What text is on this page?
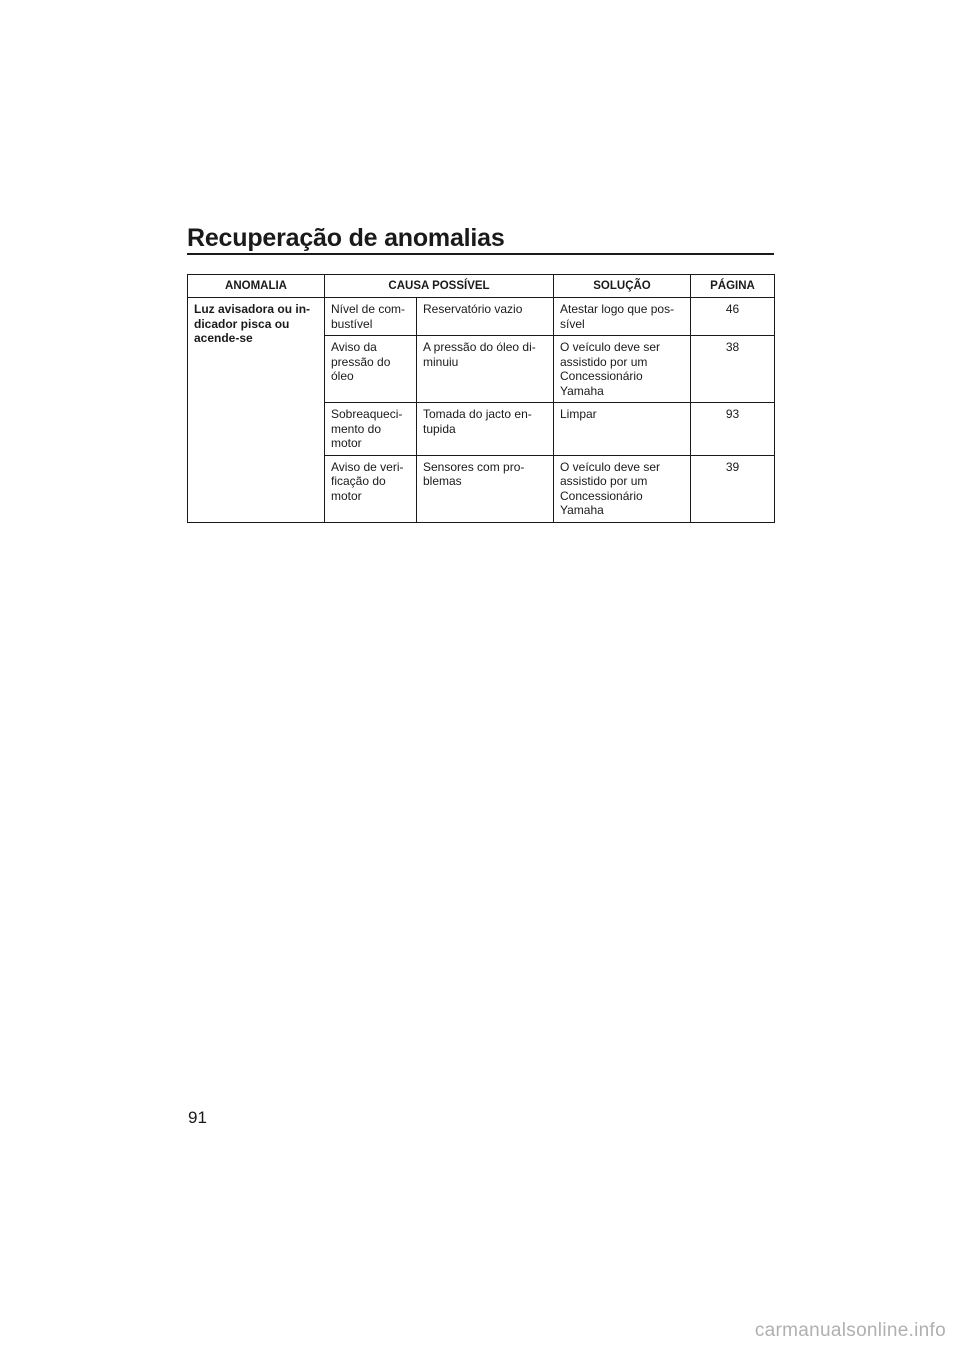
Recuperação de anomalias
ANOMALIA	CAUSA POSSÍVEL		SOLUÇÃO	PÁGINA
Luz avisadora ou in-
dicador pisca ou
acende-se	Nível de com-
bustível	Reservatório vazio	Atestar logo que pos-
sível	46
	Aviso da
pressão do
óleo	A pressão do óleo di-
minuiu	O veículo deve ser
assistido por um
Concessionário
Yamaha	38
	Sobreaqueci-
mento do
motor	Tomada do jacto en-
tupida	Limpar	93
	Aviso de veri-
ficação do
motor	Sensores com pro-
blemas	O veículo deve ser
assistido por um
Concessionário
Yamaha	39
91
carmanualsonline.info
